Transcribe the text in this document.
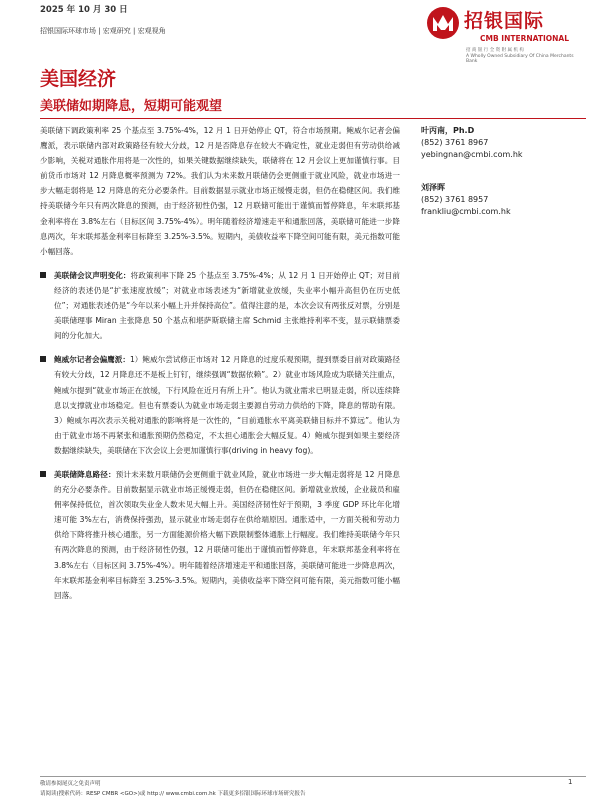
2025 年 10 月 30 日
招银国际环球市场 | 宏观研究 | 宏观视角	招银国际
CMB INTERNATIONAL
招 商 银 行 全 资 附 属 机 构
A Wholly Owned Subsidiary Of China Merchants Bank
美国经济
美联储如期降息，短期可能观望

美联储下调政策利率 25 个基点至 3.75%-4%，12 月 1 日开始停止 QT，符合市场预期。鲍威尔记者会偏鹰派，表示联储内部对政策路径有较大分歧，12 月是否降息存在较大不确定性，就业走弱但有劳动供给减少影响，关税对通胀作用将是一次性的，如果关键数据继续缺失，联储将在 12 月会议上更加谨慎行事。目前货币市场对 12 月降息概率预测为 72%。我们认为未来数月联储仍会更侧重于就业风险，就业市场进一步大幅走弱将是 12 月降息的充分必要条件。目前数据显示就业市场正缓慢走弱，但仍在稳健区间。我们维持美联储今年只有两次降息的预测，由于经济韧性仍强，12 月联储可能出于谨慎而暂停降息，年末联邦基金利率将在 3.8%左右（目标区间 3.75%-4%）。明年随着经济增速走平和通胀回落，美联储可能进一步降息两次，年末联邦基金利率目标降至 3.25%-3.5%。短期内，美债收益率下降空间可能有限，美元指数可能小幅回落。

美联储会议声明变化：将政策利率下降 25 个基点至 3.75%-4%；从 12 月 1 日开始停止 QT；对目前经济的表述仍是“扩张速度放缓”；对就业市场表述为“新增就业放缓，失业率小幅升高但仍在历史低位”；对通胀表述仍是“今年以来小幅上升并保持高位”。值得注意的是，本次会议有两张反对票，分别是美联储理事 Miran 主张降息 50 个基点和堪萨斯联储主席 Schmid 主张维持利率不变，显示联储票委间的分化加大。
鲍威尔记者会偏鹰派：1）鲍威尔尝试修正市场对 12 月降息的过度乐观预期，提到票委目前对政策路径有较大分歧，12 月降息还不是板上钉钉，继续强调“数据依赖”。2）就业市场风险成为联储关注重点，鲍威尔提到“就业市场正在放缓，下行风险在近月有所上升”。他认为就业需求已明显走弱，所以连续降息以支撑就业市场稳定。但也有票委认为就业市场走弱主要源自劳动力供给的下降，降息的帮助有限。3）鲍威尔再次表示关税对通胀的影响将是一次性的，“目前通胀水平离美联储目标并不算远”。他认为由于就业市场不再紧张和通胀预期仍然稳定，不太担心通胀会大幅反复。4）鲍威尔提到如果主要经济数据继续缺失，美联储在下次会议上会更加谨慎行事(driving in heavy fog)。
美联储降息路径：预计未来数月联储仍会更侧重于就业风险，就业市场进一步大幅走弱将是 12 月降息的充分必要条件。目前数据显示就业市场正缓慢走弱，但仍在稳健区间。新增就业放缓，企业裁员和雇佣率保持低位，首次领取失业金人数未见大幅上升。美国经济韧性好于预期，3 季度 GDP 环比年化增速可能 3%左右，消费保持强劲，显示就业市场走弱存在供给端原因。通胀适中，一方面关税和劳动力供给下降将推升核心通胀，另一方面能源价格大幅下跌限制整体通胀上行幅度。我们维持美联储今年只有两次降息的预测，由于经济韧性仍强，12 月联储可能出于谨慎而暂停降息，年末联邦基金利率将在 3.8%左右（目标区间 3.75%-4%）。明年随着经济增速走平和通胀回落，美联储可能进一步降息两次，年末联邦基金利率目标降至 3.25%-3.5%。短期内，美债收益率下降空间可能有限，美元指数可能小幅回落。
叶丙南，Ph.D
(852) 3761 8967
yebingnan@cmbi.com.hk
刘泽晖
(852) 3761 8957
frankliu@cmbi.com.hk
敬请参阅尾页之免责声明
请阅读(搜索代码：RESP CMBR <GO>)或 http:// www.cmbi.com.hk 下载更多招银国际环球市场研究报告
1
